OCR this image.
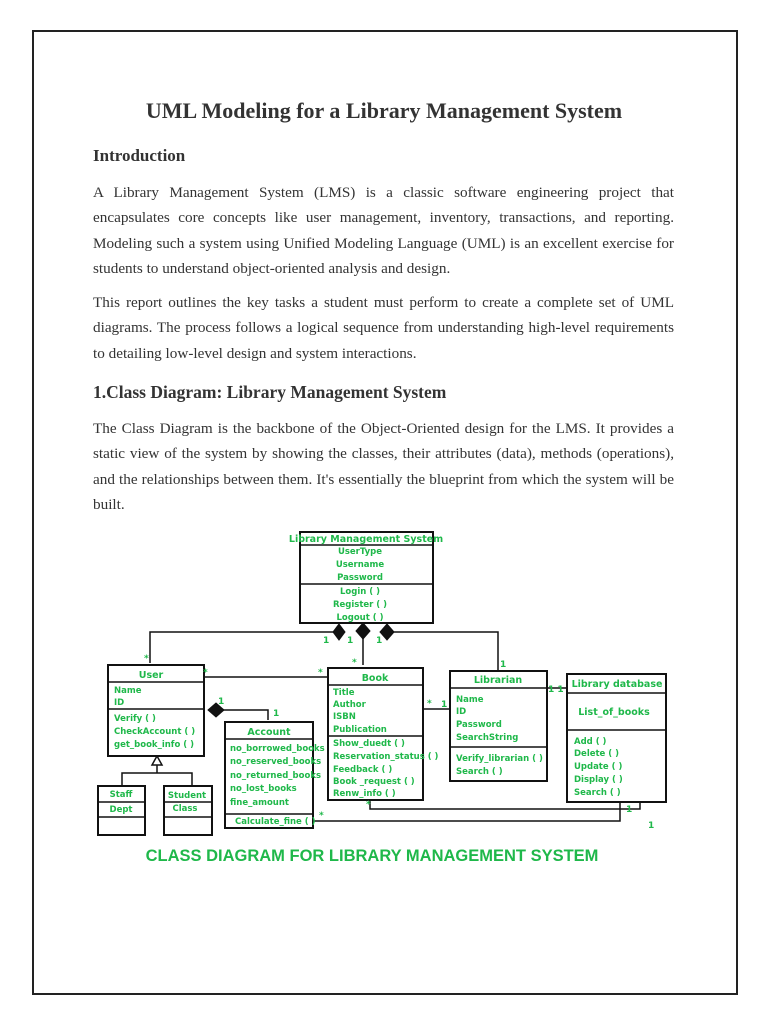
UML Modeling for a Library Management System
Introduction

A Library Management System (LMS) is a classic software engineering project that encapsulates core concepts like user management, inventory, transactions, and reporting. Modeling such a system using Unified Modeling Language (UML) is an excellent exercise for students to understand object-oriented analysis and design.

This report outlines the key tasks a student must perform to create a complete set of UML diagrams. The process follows a logical sequence from understanding high-level requirements to detailing low-level design and system interactions.

1.Class Diagram: Library Management System

The Class Diagram is the backbone of the Object-Oriented design for the LMS. It provides a static view of the system by showing the classes, their attributes (data), methods (operations), and the relationships between them. It's essentially the blueprint from which the system will be built.

Library Management System
UserType
Username
Password
Login ( )
Register ( )
Logout ( )
User
Name
ID
Verify ( )
CheckAccount ( )
get_book_info ( )
Book
Title
Author
ISBN
Publication
Show_duedt ( )
Reservation_status ( )
Feedback ( )
Book _request ( )
Renw_info ( )
Librarian
Name
ID
Password
SearchString
Verify_librarian ( )
Search ( )
Library database
List_of_books
Add ( )
Delete ( )
Update ( )
Display ( )
Search ( )
Account
no_borrowed_books
no_reserved_books
no_returned_books
no_lost_books
fine_amount
Calculate_fine ( )
Staff
Dept
Student
Class
1 1	1
*
*	*
*	1
1
1
* 1
1 1
*
*	1
1
CLASS DIAGRAM FOR LIBRARY MANAGEMENT SYSTEM
